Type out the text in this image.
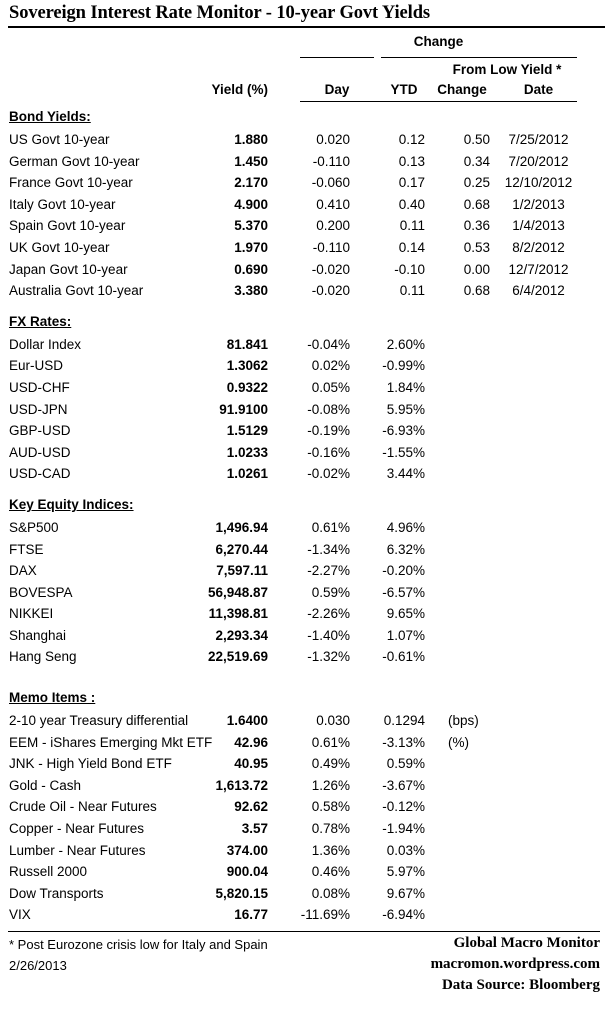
Sovereign Interest Rate Monitor - 10-year Govt Yields
Change
From Low Yield *
Yield (%)	Day	YTD	Change	Date
Bond Yields:
US Govt 10-year	1.880	0.020	0.12	0.50	7/25/2012
German Govt 10-year	1.450	-0.110	0.13	0.34	7/20/2012
France Govt 10-year	2.170	-0.060	0.17	0.25	12/10/2012
Italy Govt 10-year	4.900	0.410	0.40	0.68	1/2/2013
Spain Govt 10-year	5.370	0.200	0.11	0.36	1/4/2013
UK Govt 10-year	1.970	-0.110	0.14	0.53	8/2/2012
Japan Govt 10-year	0.690	-0.020	-0.10	0.00	12/7/2012
Australia Govt 10-year	3.380	-0.020	0.11	0.68	6/4/2012
FX Rates:
Dollar Index	81.841	-0.04%	2.60%
Eur-USD	1.3062	0.02%	-0.99%
USD-CHF	0.9322	0.05%	1.84%
USD-JPN	91.9100	-0.08%	5.95%
GBP-USD	1.5129	-0.19%	-6.93%
AUD-USD	1.0233	-0.16%	-1.55%
USD-CAD	1.0261	-0.02%	3.44%
Key Equity Indices:
S&P500	1,496.94	0.61%	4.96%
FTSE	6,270.44	-1.34%	6.32%
DAX	7,597.11	-2.27%	-0.20%
BOVESPA	56,948.87	0.59%	-6.57%
NIKKEI	11,398.81	-2.26%	9.65%
Shanghai	2,293.34	-1.40%	1.07%
Hang Seng	22,519.69	-1.32%	-0.61%
Memo Items :
2-10 year Treasury differential	1.6400	0.030	0.1294 (bps)
EEM - iShares Emerging Mkt ETF	42.96	0.61%	-3.13% (%)
JNK - High Yield Bond ETF	40.95	0.49%	0.59%
Gold - Cash	1,613.72	1.26%	-3.67%
Crude Oil - Near Futures	92.62	0.58%	-0.12%
Copper - Near Futures	3.57	0.78%	-1.94%
Lumber - Near Futures	374.00	1.36%	0.03%
Russell 2000	900.04	0.46%	5.97%
Dow Transports	5,820.15	0.08%	9.67%
VIX	16.77	-11.69%	-6.94%
* Post Eurozone crisis low for Italy and Spain
2/26/2013
Global Macro Monitor
macromon.wordpress.com
Data Source: Bloomberg
